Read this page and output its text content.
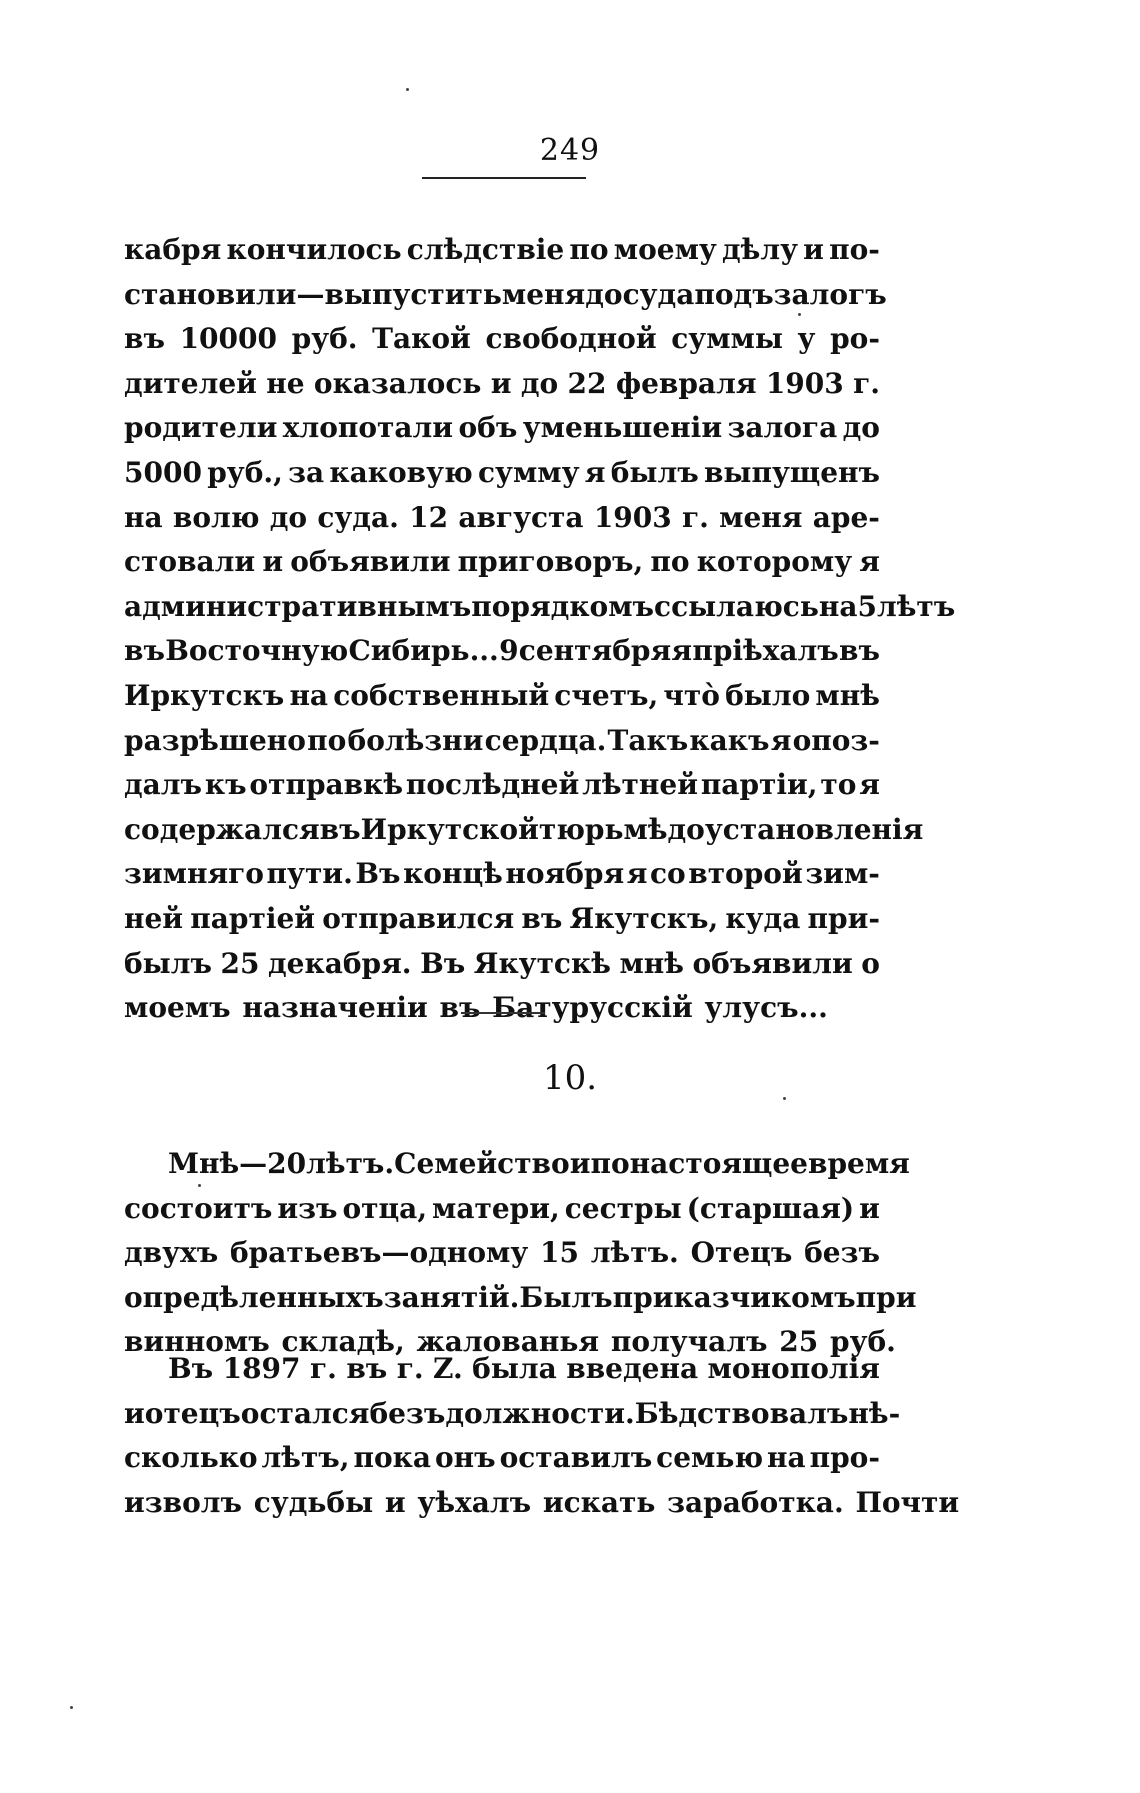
249
кабря кончилось слѣдствіе по моему дѣлу и по-
становили—выпустить меня до суда подъ залогъ
въ 10000 руб. Такой свободной суммы у ро-
дителей не оказалось и до 22 февраля 1903 г.
родители хлопотали объ уменьшеніи залога до
5000 руб., за каковую сумму я былъ выпущенъ
на волю до суда. 12 августа 1903 г. меня аре-
стовали и объявили приговоръ, по которому я
административнымъ порядкомъ ссылаюсь на 5 лѣтъ
въ Восточную Сибирь... 9 сентября я пріѣхалъ въ
Иркутскъ на собственный счетъ, что̀ было мнѣ
разрѣшено по болѣзни сердца. Такъ какъ я опоз-
далъ къ отправкѣ послѣдней лѣтней партіи, то я
содержался въ Иркутской тюрьмѣ до установленія
зимняго пути. Въ концѣ ноября я со второй зим-
ней партіей отправился въ Якутскъ, куда при-
былъ 25 декабря. Въ Якутскѣ мнѣ объявили о
моемъ назначеніи въ Батурусскій улусъ...
10.
Мнѣ—20 лѣтъ. Семейство и по настоящее время
состоитъ изъ отца, матери, сестры (старшая) и
двухъ братьевъ—одному 15 лѣтъ. Отецъ безъ
опредѣленныхъ занятій. Былъ приказчикомъ при
винномъ складѣ, жалованья получалъ 25 руб.
Въ 1897 г. въ г. Z. была введена монополія
и отецъ остался безъ должности. Бѣдствовалъ нѣ-
сколько лѣтъ, пока онъ оставилъ семью на про-
изволъ судьбы и уѣхалъ искать заработка. Почти
